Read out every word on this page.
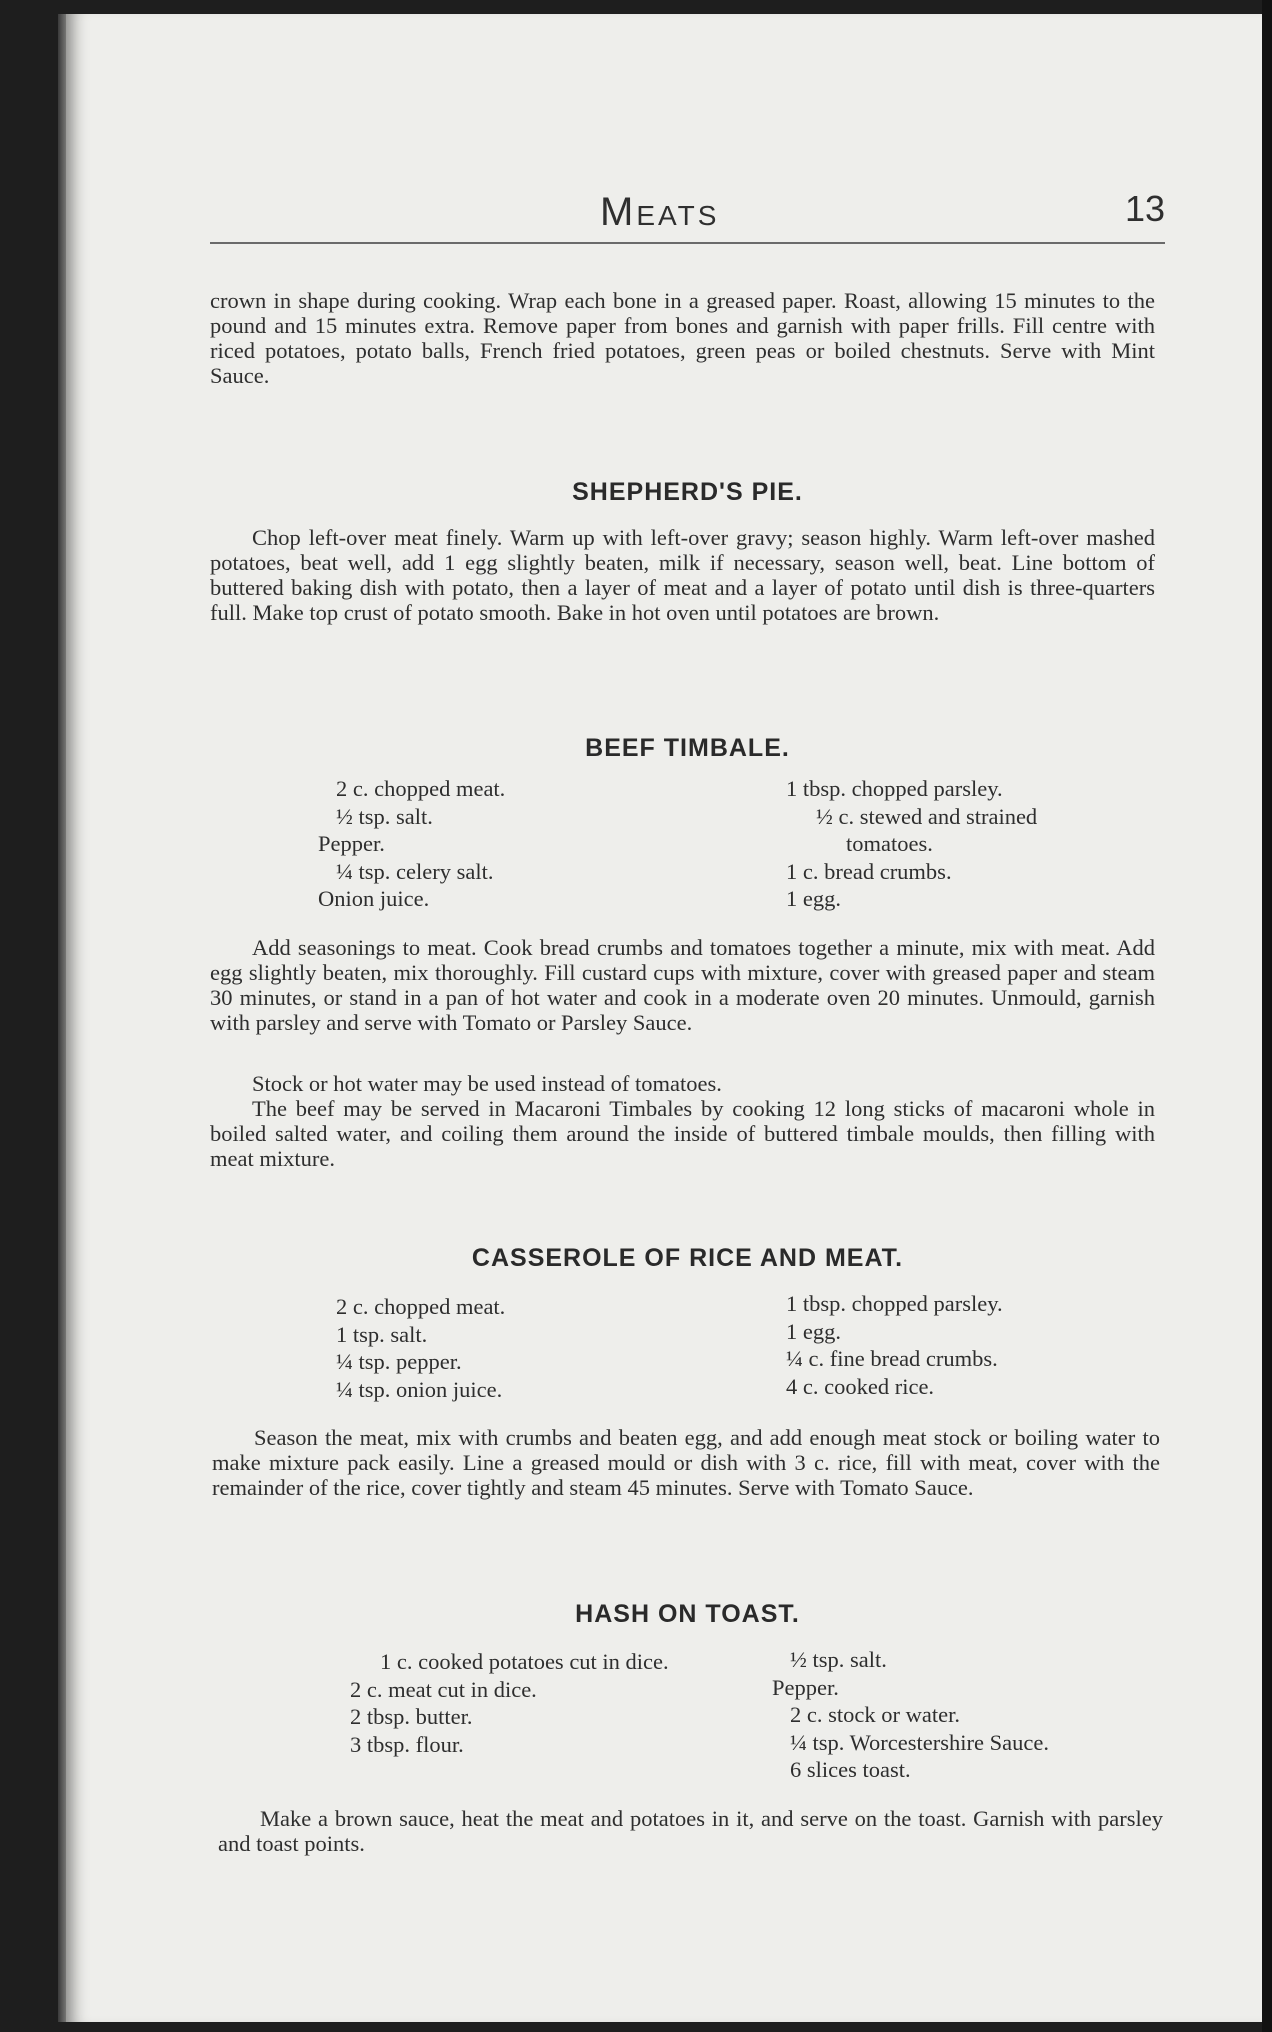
Meats	13

crown in shape during cooking. Wrap each bone in a greased paper. Roast, allowing 15 minutes to the pound and 15 minutes extra. Remove paper from bones and garnish with paper frills. Fill centre with riced potatoes, potato balls, French fried potatoes, green peas or boiled chestnuts. Serve with Mint Sauce.

SHEPHERD'S PIE.

Chop left-over meat finely. Warm up with left-over gravy; season highly. Warm left-over mashed potatoes, beat well, add 1 egg slightly beaten, milk if necessary, season well, beat. Line bottom of buttered baking dish with potato, then a layer of meat and a layer of potato until dish is three-quarters full. Make top crust of potato smooth. Bake in hot oven until potatoes are brown.

BEEF TIMBALE.
2 c. chopped meat.
½ tsp. salt.
Pepper.
¼ tsp. celery salt.
Onion juice.
1 tbsp. chopped parsley.
½ c. stewed and strained tomatoes.
1 c. bread crumbs.
1 egg.

Add seasonings to meat. Cook bread crumbs and tomatoes together a minute, mix with meat. Add egg slightly beaten, mix thoroughly. Fill custard cups with mixture, cover with greased paper and steam 30 minutes, or stand in a pan of hot water and cook in a moderate oven 20 minutes. Unmould, garnish with parsley and serve with Tomato or Parsley Sauce.

Stock or hot water may be used instead of tomatoes.

The beef may be served in Macaroni Timbales by cooking 12 long sticks of macaroni whole in boiled salted water, and coiling them around the inside of buttered timbale moulds, then filling with meat mixture.

CASSEROLE OF RICE AND MEAT.
2 c. chopped meat.
1 tsp. salt.
¼ tsp. pepper.
¼ tsp. onion juice.
1 tbsp. chopped parsley.
1 egg.
¼ c. fine bread crumbs.
4 c. cooked rice.

Season the meat, mix with crumbs and beaten egg, and add enough meat stock or boiling water to make mixture pack easily. Line a greased mould or dish with 3 c. rice, fill with meat, cover with the remainder of the rice, cover tightly and steam 45 minutes. Serve with Tomato Sauce.

HASH ON TOAST.
1 c. cooked potatoes cut in dice.
2 c. meat cut in dice.
2 tbsp. butter.
3 tbsp. flour.
½ tsp. salt.
Pepper.
2 c. stock or water.
¼ tsp. Worcestershire Sauce.
6 slices toast.

Make a brown sauce, heat the meat and potatoes in it, and serve on the toast. Garnish with parsley and toast points.
